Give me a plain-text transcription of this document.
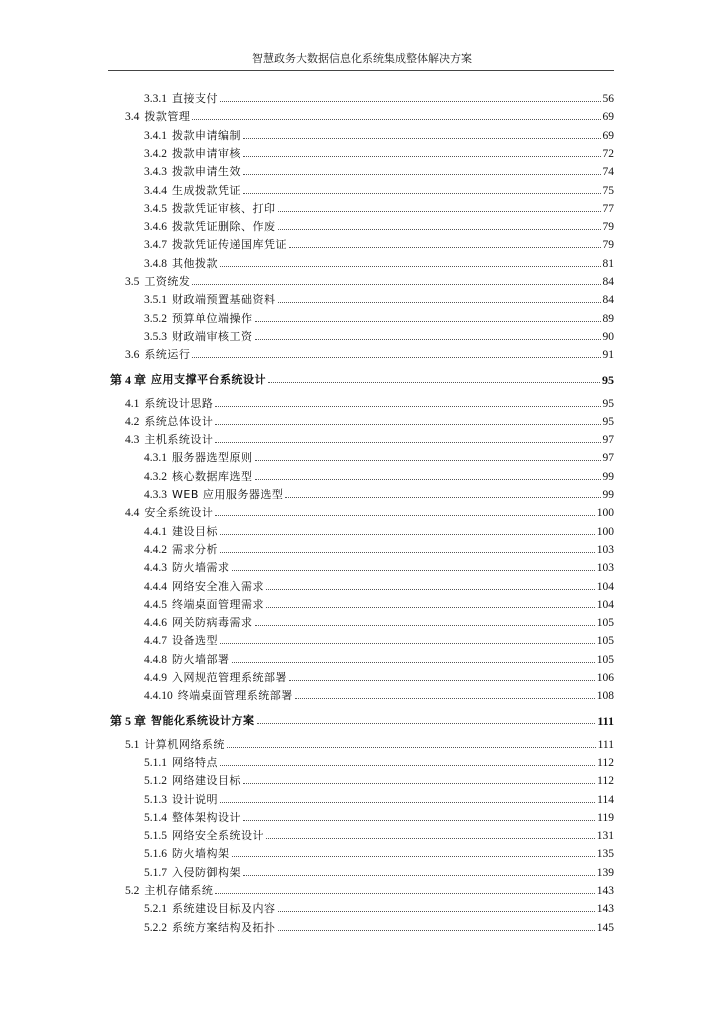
智慧政务大数据信息化系统集成整体解决方案
3.3.1 直接支付	56
3.4 拨款管理	69
3.4.1 拨款申请编制	69
3.4.2 拨款申请审核	72
3.4.3 拨款申请生效	74
3.4.4 生成拨款凭证	75
3.4.5 拨款凭证审核、打印	77
3.4.6 拨款凭证删除、作废	79
3.4.7 拨款凭证传递国库凭证	79
3.4.8 其他拨款	81
3.5 工资统发	84
3.5.1 财政端预置基础资料	84
3.5.2 预算单位端操作	89
3.5.3 财政端审核工资	90
3.6 系统运行	91
第 4 章 应用支撑平台系统设计	95
4.1 系统设计思路	95
4.2 系统总体设计	95
4.3 主机系统设计	97
4.3.1 服务器选型原则	97
4.3.2 核心数据库选型	99
4.3.3 WEB 应用服务器选型	99
4.4 安全系统设计	100
4.4.1 建设目标	100
4.4.2 需求分析	103
4.4.3 防火墙需求	103
4.4.4 网络安全准入需求	104
4.4.5 终端桌面管理需求	104
4.4.6 网关防病毒需求	105
4.4.7 设备选型	105
4.4.8 防火墙部署	105
4.4.9 入网规范管理系统部署	106
4.4.10 终端桌面管理系统部署	108
第 5 章 智能化系统设计方案	111
5.1 计算机网络系统	111
5.1.1 网络特点	112
5.1.2 网络建设目标	112
5.1.3 设计说明	114
5.1.4 整体架构设计	119
5.1.5 网络安全系统设计	131
5.1.6 防火墙构架	135
5.1.7 入侵防御构架	139
5.2 主机存储系统	143
5.2.1 系统建设目标及内容	143
5.2.2 系统方案结构及拓扑	145
